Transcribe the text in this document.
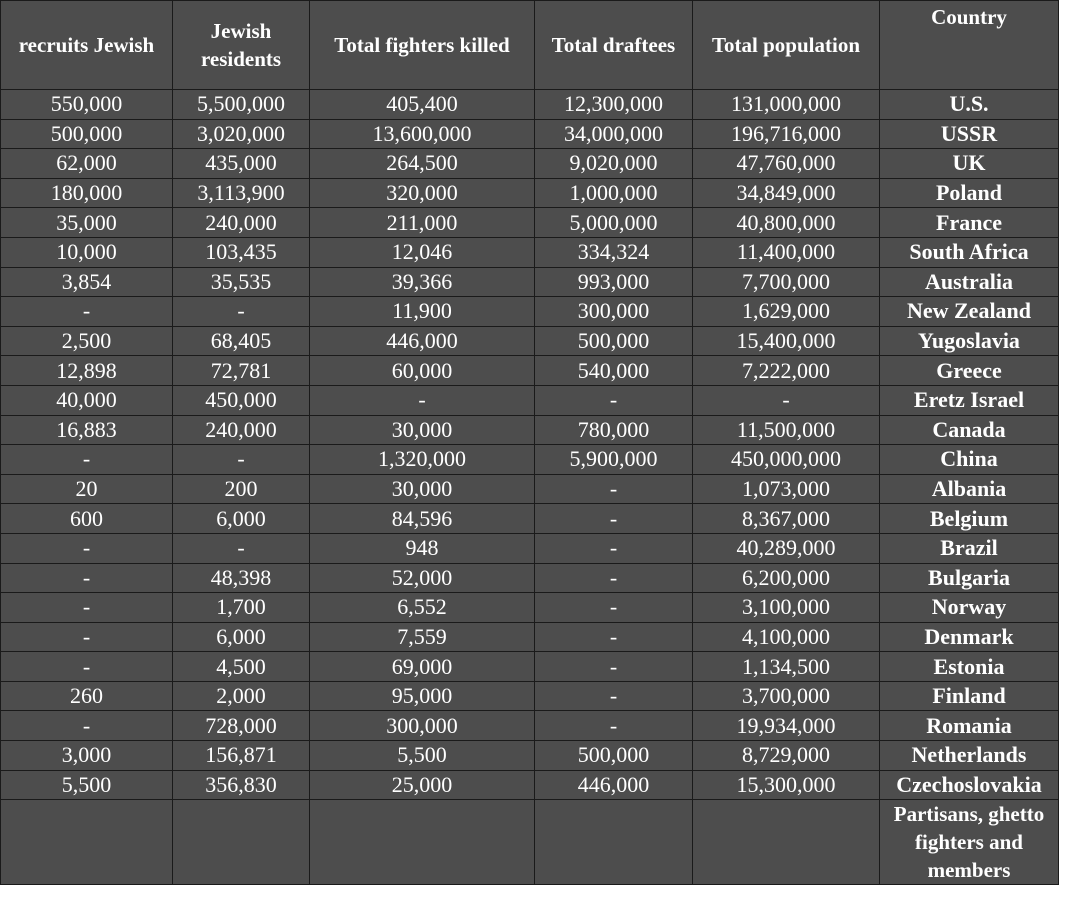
recruits Jewish	Jewish residents	Total fighters killed	Total draftees	Total population	Country
550,000	5,500,000	405,400	12,300,000	131,000,000	U.S.
500,000	3,020,000	13,600,000	34,000,000	196,716,000	USSR
62,000	435,000	264,500	9,020,000	47,760,000	UK
180,000	3,113,900	320,000	1,000,000	34,849,000	Poland
35,000	240,000	211,000	5,000,000	40,800,000	France
10,000	103,435	12,046	334,324	11,400,000	South Africa
3,854	35,535	39,366	993,000	7,700,000	Australia
-	-	11,900	300,000	1,629,000	New Zealand
2,500	68,405	446,000	500,000	15,400,000	Yugoslavia
12,898	72,781	60,000	540,000	7,222,000	Greece
40,000	450,000	-	-	-	Eretz Israel
16,883	240,000	30,000	780,000	11,500,000	Canada
-	-	1,320,000	5,900,000	450,000,000	China
20	200	30,000	-	1,073,000	Albania
600	6,000	84,596	-	8,367,000	Belgium
-	-	948	-	40,289,000	Brazil
-	48,398	52,000	-	6,200,000	Bulgaria
-	1,700	6,552	-	3,100,000	Norway
-	6,000	7,559	-	4,100,000	Denmark
-	4,500	69,000	-	1,134,500	Estonia
260	2,000	95,000	-	3,700,000	Finland
-	728,000	300,000	-	19,934,000	Romania
3,000	156,871	5,500	500,000	8,729,000	Netherlands
5,500	356,830	25,000	446,000	15,300,000	Czechoslovakia
					Partisans, ghetto fighters and members
